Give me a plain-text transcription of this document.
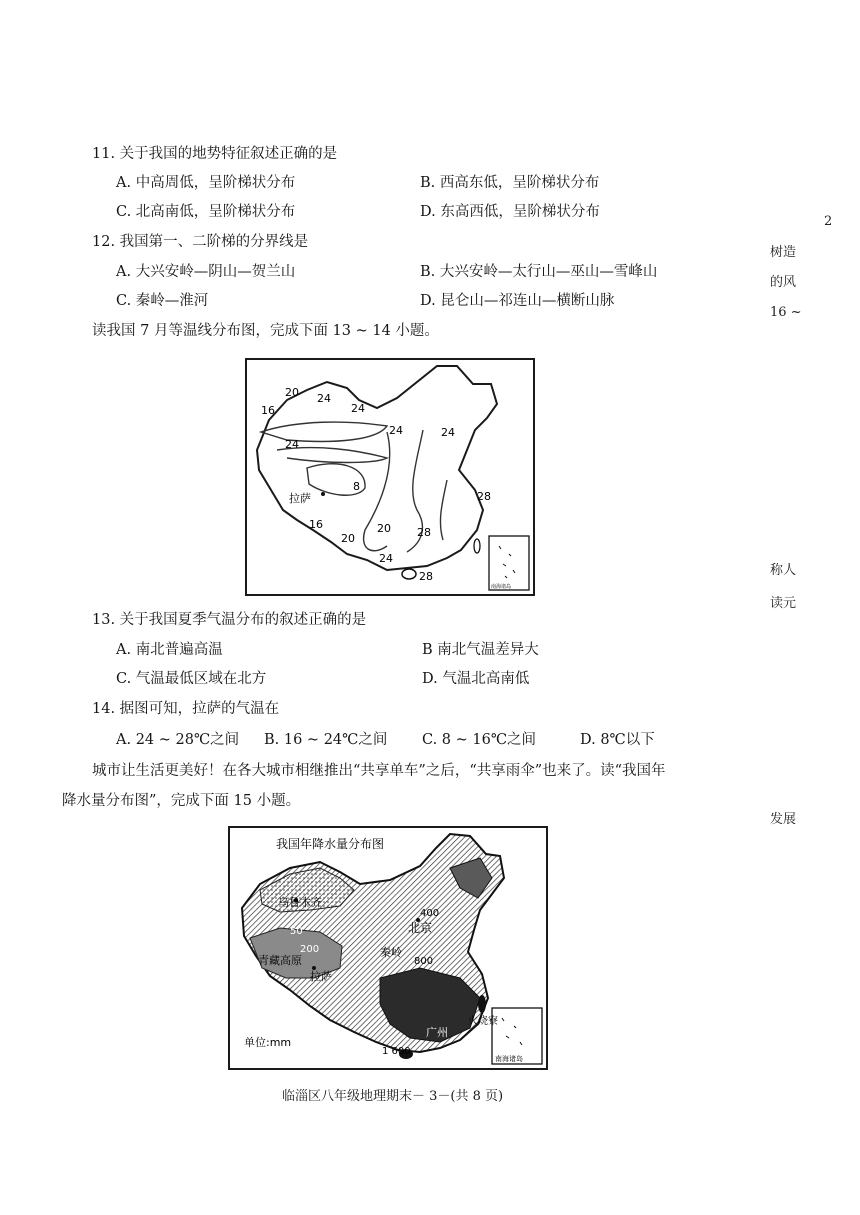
11. 关于我国的地势特征叙述正确的是
A. 中高周低，呈阶梯状分布	B. 西高东低，呈阶梯状分布
C. 北高南低，呈阶梯状分布	D. 东高西低，呈阶梯状分布
12. 我国第一、二阶梯的分界线是
A. 大兴安岭—阴山—贺兰山	B. 大兴安岭—太行山—巫山—雪峰山
C. 秦岭—淮河	D. 昆仑山—祁连山—横断山脉
读我国 7 月等温线分布图，完成下面 13 ~ 14 小题。
20 24
24
16
24
24	24
8
拉萨
16
20
20
28
28
24
28
南海诸岛
13. 关于我国夏季气温分布的叙述正确的是
A. 南北普遍高温	B 南北气温差异大
C. 气温最低区域在北方	D. 气温北高南低
14. 据图可知，拉萨的气温在
A. 24 ~ 28℃之间 B. 16 ~ 24℃之间 C. 8 ~ 16℃之间	D. 8℃以下
城市让生活更美好！在各大城市相继推出“共享单车”之后，“共享雨伞”也来了。读“我国年
降水量分布图”，完成下面 15 小题。
我国年降水量分布图
乌鲁木齐
50
400
北京
200
青藏高原
秦岭
800
拉萨
火烧寮
广州
1 600
单位:mm
南海诸岛
2
树造
的风
16 ~
称人
读元
发展
临淄区八年级地理期末－ 3－(共 8 页)
